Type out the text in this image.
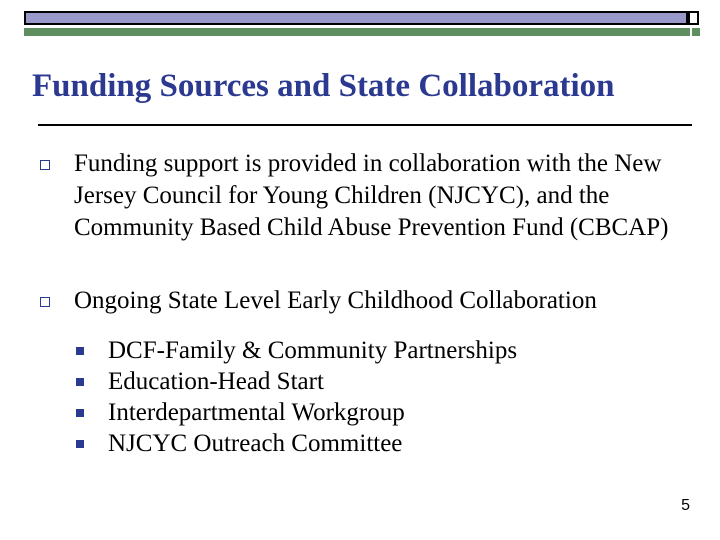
Funding Sources and State Collaboration
Funding support is provided in collaboration with the New Jersey Council for Young Children (NJCYC), and the Community Based Child Abuse Prevention Fund (CBCAP)
Ongoing State Level Early Childhood Collaboration
DCF-Family & Community Partnerships
Education-Head Start
Interdepartmental Workgroup
NJCYC Outreach Committee
5
